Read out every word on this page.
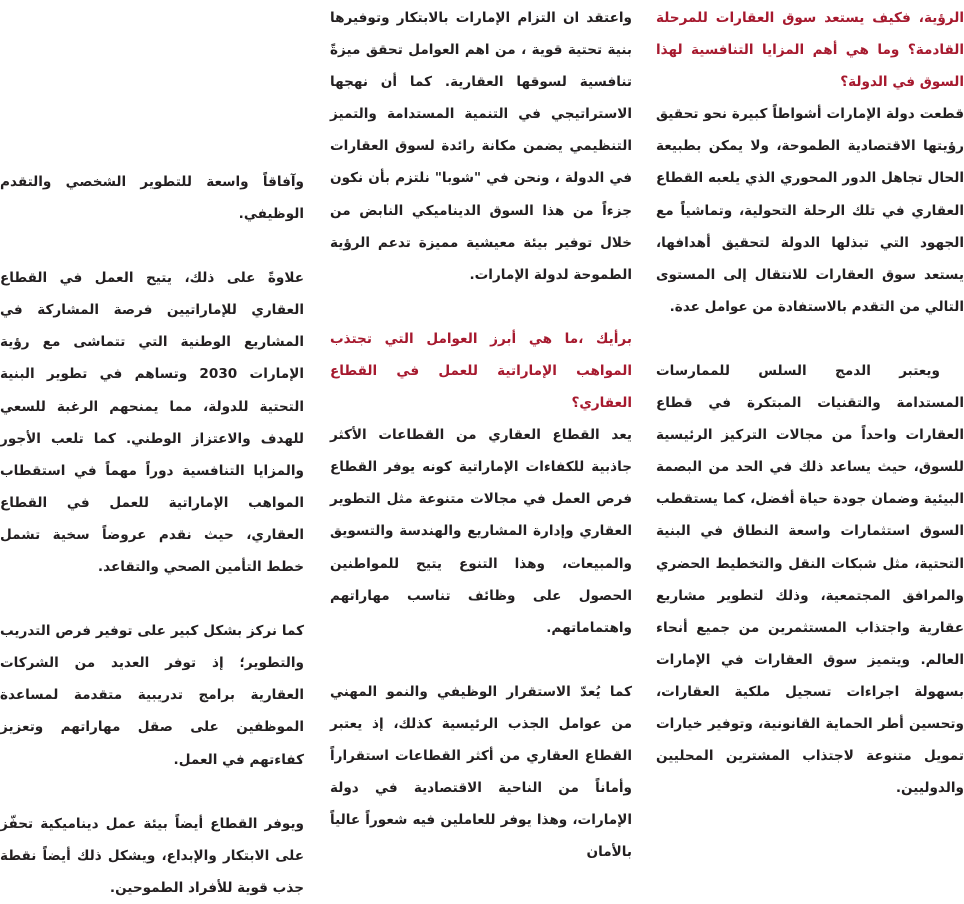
الرؤية، فكيف يستعد سوق العقارات للمرحلة القادمة؟ وما هي أهم المزايا التنافسية لهذا السوق في الدولة؟

قطعت دولة الإمارات أشواطاً كبيرة نحو تحقيق رؤيتها الاقتصادية الطموحة، ولا يمكن بطبيعة الحال تجاهل الدور المحوري الذي يلعبه القطاع العقاري في تلك الرحلة التحولية، وتماشياً مع الجهود التي تبذلها الدولة لتحقيق أهدافها، يستعد سوق العقارات للانتقال إلى المستوى التالي من التقدم بالاستفادة من عوامل عدة.

ويعتبر الدمج السلس للممارسات المستدامة والتقنيات المبتكرة في قطاع العقارات واحداً من مجالات التركيز الرئيسية للسوق، حيث يساعد ذلك في الحد من البصمة البيئية وضمان جودة حياة أفضل، كما يستقطب السوق استثمارات واسعة النطاق في البنية التحتية، مثل شبكات النقل والتخطيط الحضري والمرافق المجتمعية، وذلك لتطوير مشاريع عقارية واجتذاب المستثمرين من جميع أنحاء العالم. ويتميز سوق العقارات في الإمارات بسهولة اجراءات تسجيل ملكية العقارات، وتحسين أطر الحماية القانونية، وتوفير خيارات تمويل متنوعة لاجتذاب المشترين المحليين والدوليين.

واعتقد ان التزام الإمارات بالابتكار وتوفيرها بنية تحتية قوية ، من اهم العوامل تحقق ميزةً تنافسية لسوقها العقارية. كما أن نهجها الاستراتيجي في التنمية المستدامة والتميز التنظيمي يضمن مكانة رائدة لسوق العقارات في الدولة ، ونحن في "شوبا" نلتزم بأن نكون جزءاً من هذا السوق الديناميكي النابض من خلال توفير بيئة معيشية مميزة تدعم الرؤية الطموحة لدولة الإمارات.

برأيك ،ما هي أبرز العوامل التي تجتذب المواهب الإماراتية للعمل في القطاع العقاري؟

يعد القطاع العقاري من القطاعات الأكثر جاذبية للكفاءات الإماراتية كونه يوفر القطاع فرص العمل في مجالات متنوعة مثل التطوير العقاري وإدارة المشاريع والهندسة والتسويق والمبيعات، وهذا التنوع يتيح للمواطنين الحصول على وظائف تناسب مهاراتهم واهتماماتهم.

كما يُعدّ الاستقرار الوظيفي والنمو المهني من عوامل الجذب الرئيسية كذلك، إذ يعتبر القطاع العقاري من أكثر القطاعات استقراراً وأماناً من الناحية الاقتصادية في دولة الإمارات، وهذا يوفر للعاملين فيه شعوراً عالياً بالأمان

وآفاقاً واسعة للتطوير الشخصي والتقدم الوظيفي.

علاوةً على ذلك، يتيح العمل في القطاع العقاري للإماراتيين فرصة المشاركة في المشاريع الوطنية التي تتماشى مع رؤية الإمارات 2030 وتساهم في تطوير البنية التحتية للدولة، مما يمنحهم الرغبة للسعي للهدف والاعتزاز الوطني. كما تلعب الأجور والمزايا التنافسية دوراً مهماً في استقطاب المواهب الإماراتية للعمل في القطاع العقاري، حيث نقدم عروضاً سخية تشمل خطط التأمين الصحي والتقاعد.

كما نركز بشكل كبير على توفير فرص التدريب والتطوير؛ إذ توفر العديد من الشركات العقارية برامج تدريبية متقدمة لمساعدة الموظفين على صقل مهاراتهم وتعزيز كفاءتهم في العمل.

ويوفر القطاع أيضاً بيئة عمل ديناميكية تحفّز على الابتكار والإبداع، ويشكل ذلك أيضاً نقطة جذب قوية للأفراد الطموحين.
